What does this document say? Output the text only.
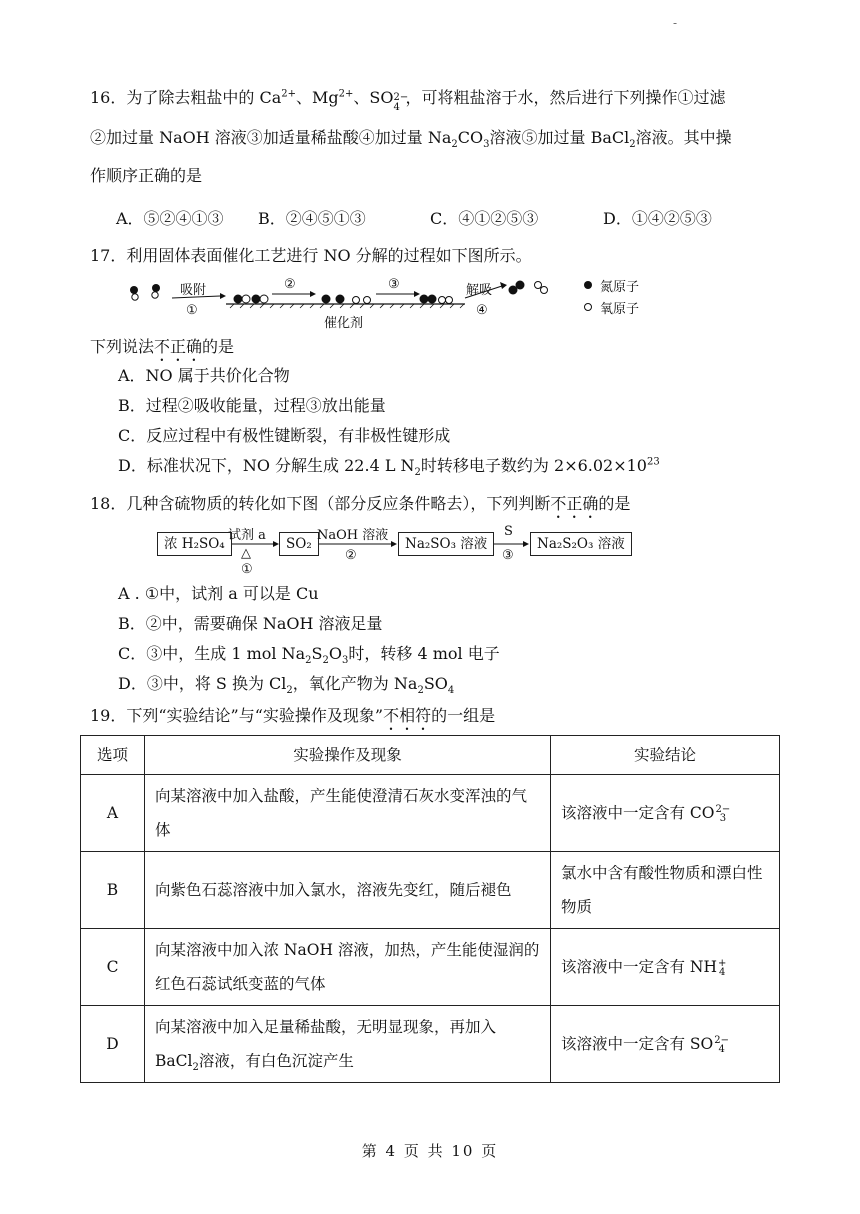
-
16．为了除去粗盐中的 $Ca^{2+}$、$Mg^{2+}$、SO
4
2−
，可将粗盐溶于水，然后进行下列操作①过滤
②加过量 NaOH 溶液③加适量稀盐酸④加过量 $Na_2CO_3$溶液⑤加过量 BaCl$_2$溶液。其中操
作顺序正确的是
A．⑤②④①③ B．②④⑤①③	C．④①②⑤③	D．①④②⑤③
17．利用固体表面催化工艺进行 NO 分解的过程如下图所示。
吸附
①
②	③	解吸
④
催化剂
氮原子
氧原子
下列说法不正确的是
A．NO 属于共价化合物
B．过程②吸收能量，过程③放出能量
C．反应过程中有极性键断裂，有非极性键形成
D．标准状况下，NO 分解生成 22.4 L $N_2$时转移电子数约为 $2\times 6.02\times 10^{23}$
18．几种含硫物质的转化如下图（部分反应条件略去），下列判断不正确的是
浓 H₂SO₄	SO₂	Na₂SO₃ 溶液	Na₂S₂O₃ 溶液
试剂 a
△
①
NaOH 溶液
②
S
③
A . ①中，试剂 a 可以是 Cu
B．②中，需要确保 NaOH 溶液足量
C．③中，生成 1 mol $Na_2S_2O_3$时，转移 4 mol 电子
D．③中，将 S 换为 $Cl_2$，氧化产物为 $Na_2SO_4$
19．下列“实验结论”与“实验操作及现象”不相符的一组是
选项	实验操作及现象	实验结论
A	向某溶液中加入盐酸，产生能使澄清石灰水变浑浊的气体	该溶液中一定含有 CO 2−
3

B	向紫色石蕊溶液中加入氯水，溶液先变红，随后褪色	氯水中含有酸性物质和漂白性物质
C	向某溶液中加入浓 NaOH 溶液，加热，产生能使湿润的红色石蕊试纸变蓝的气体	该溶液中一定含有 NH +
4

D	向某溶液中加入足量稀盐酸，无明显现象，再加入
BaCl$_2$溶液，有白色沉淀产生	该溶液中一定含有 SO 2−
4
第 4 页 共 10 页
